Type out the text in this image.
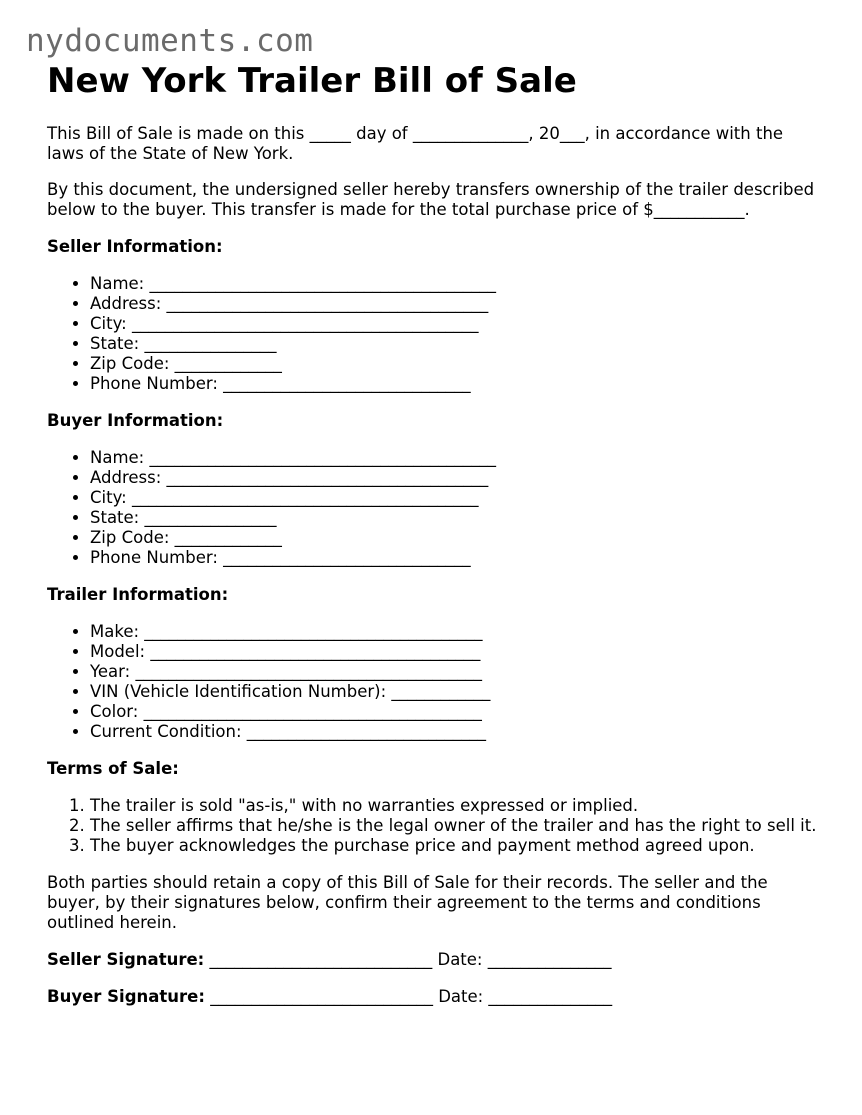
nydocuments.com
New York Trailer Bill of Sale

This Bill of Sale is made on this _____ day of ______________, 20___, in accordance with the laws of the State of New York.

By this document, the undersigned seller hereby transfers ownership of the trailer described below to the buyer. This transfer is made for the total purchase price of $___________.

Seller Information:
• Name: __________________________________________
• Address: _______________________________________
• City: __________________________________________
• State: ________________
• Zip Code: _____________
• Phone Number: ______________________________
Buyer Information:
• Name: __________________________________________
• Address: _______________________________________
• City: __________________________________________
• State: ________________
• Zip Code: _____________
• Phone Number: ______________________________
Trailer Information:
• Make: _________________________________________
• Model: ________________________________________
• Year: __________________________________________
• VIN (Vehicle Identification Number): ____________
• Color: _________________________________________
• Current Condition: _____________________________
Terms of Sale:
1. The trailer is sold "as-is," with no warranties expressed or implied.
2. The seller affirms that he/she is the legal owner of the trailer and has the right to sell it.
3. The buyer acknowledges the purchase price and payment method agreed upon.

Both parties should retain a copy of this Bill of Sale for their records. The seller and the buyer, by their signatures below, confirm their agreement to the terms and conditions outlined herein.

Seller Signature: ___________________________ Date: _______________

Buyer Signature: ___________________________ Date: _______________
